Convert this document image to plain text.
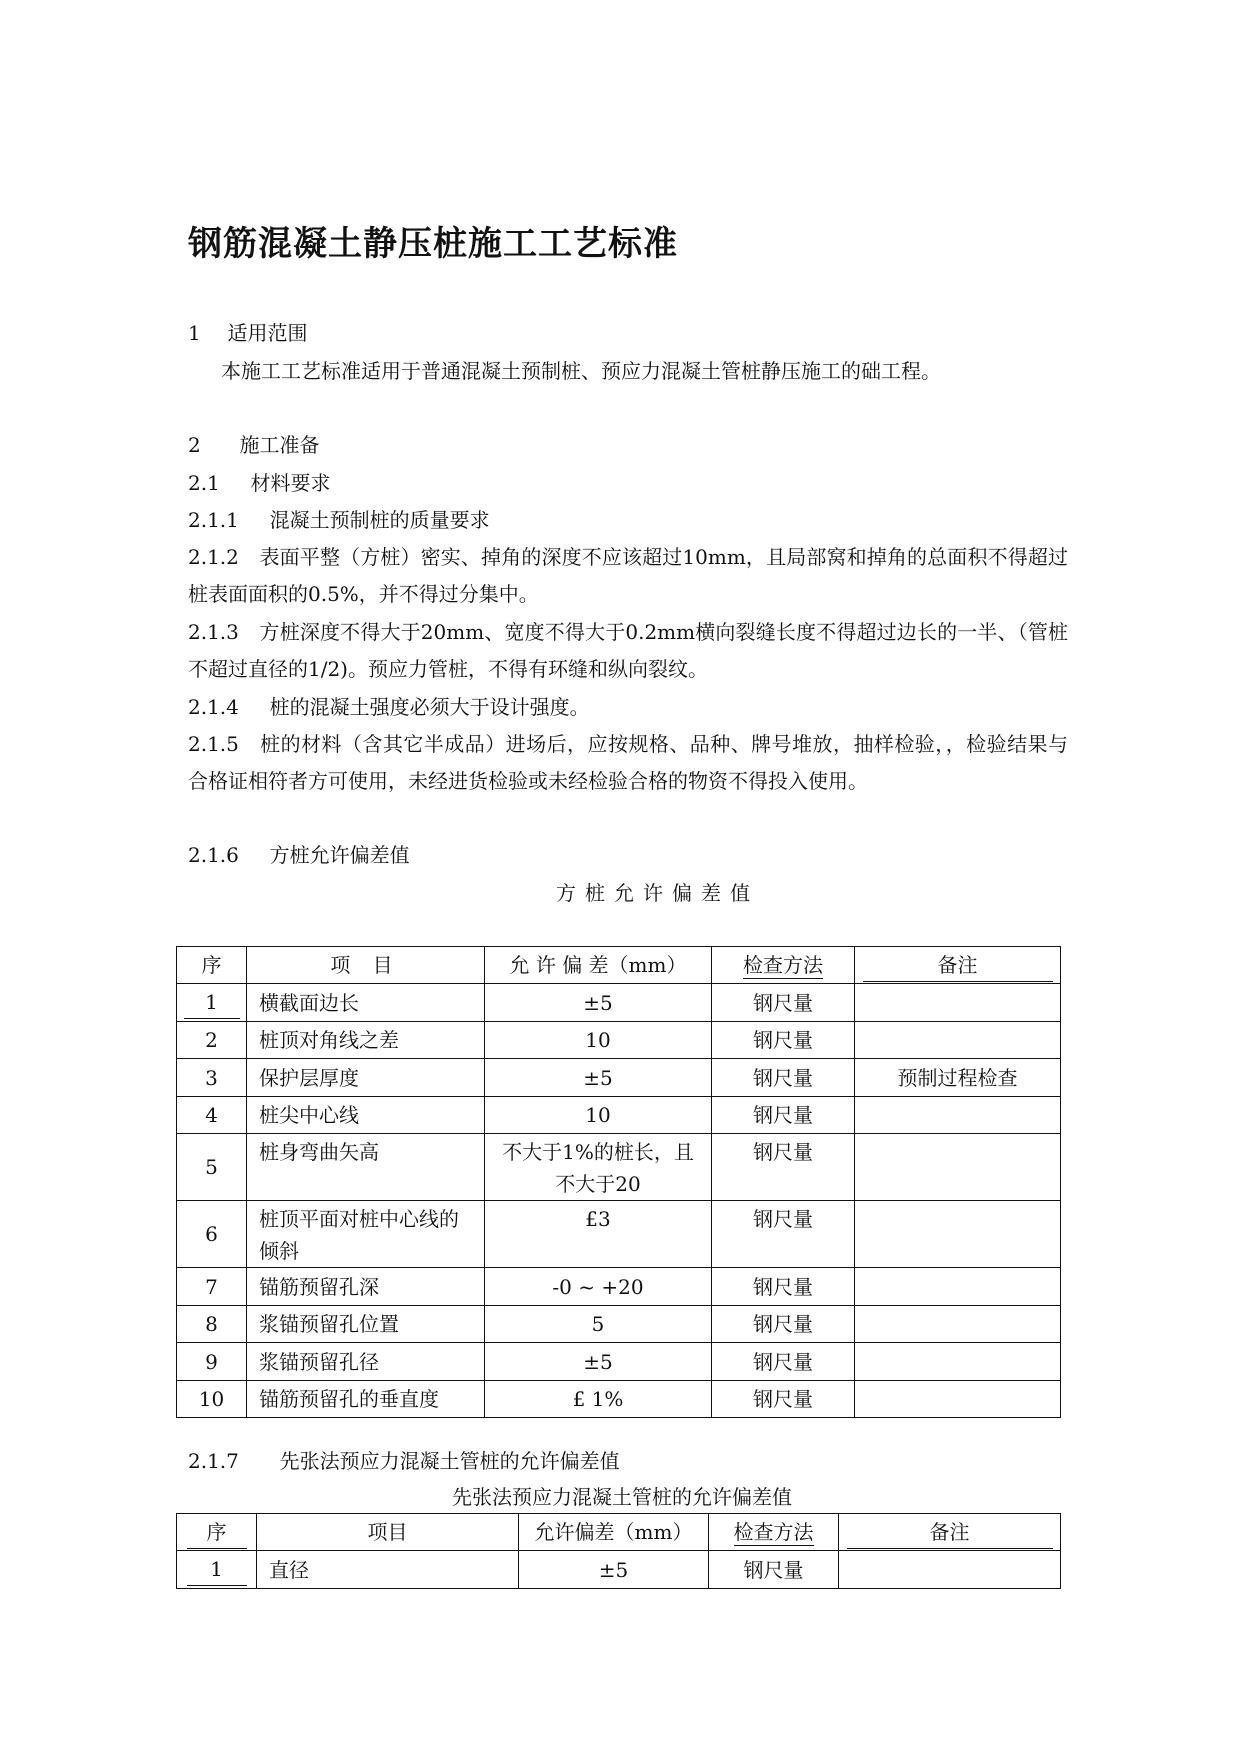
钢筋混凝土静压桩施工工艺标准
1 适用范围
本施工工艺标准适用于普通混凝土预制桩、预应力混凝土管桩静压施工的础工程。
2 施工准备
2.1 材料要求
2.1.1 混凝土预制桩的质量要求
2.1.2 表面平整（方桩）密实、掉角的深度不应该超过10mm，且局部窝和掉角的总面积不得超过桩表面面积的0.5%，并不得过分集中。
2.1.3 方桩深度不得大于20mm、宽度不得大于0.2mm横向裂缝长度不得超过边长的一半、（管桩不超过直径的1/2)。预应力管桩，不得有环缝和纵向裂纹。
2.1.4 桩的混凝土强度必须大于设计强度。
2.1.5 桩的材料（含其它半成品）进场后，应按规格、品种、牌号堆放，抽样检验，，检验结果与合格证相符者方可使用，未经进货检验或未经检验合格的物资不得投入使用。
2.1.6 方桩允许偏差值
方桩允许偏差值
序	项 目	允 许 偏 差（mm）	检查方法	备注
1	横截面边长	±5	钢尺量	
2	桩顶对角线之差	10	钢尺量	
3	保护层厚度	±5	钢尺量	预制过程检查
4	桩尖中心线	10	钢尺量	
5	桩身弯曲矢高	不大于1%的桩长，且不大于20	钢尺量	
6	桩顶平面对桩中心线的倾斜	£3	钢尺量	
7	锚筋预留孔深	-0 ~ +20	钢尺量	
8	浆锚预留孔位置	5	钢尺量	
9	浆锚预留孔径	±5	钢尺量	
10	锚筋预留孔的垂直度	£ 1%	钢尺量	
2.1.7 先张法预应力混凝土管桩的允许偏差值
先张法预应力混凝土管桩的允许偏差值
序	项目	允许偏差（mm）	检查方法	备注
1	直径	±5	钢尺量	
